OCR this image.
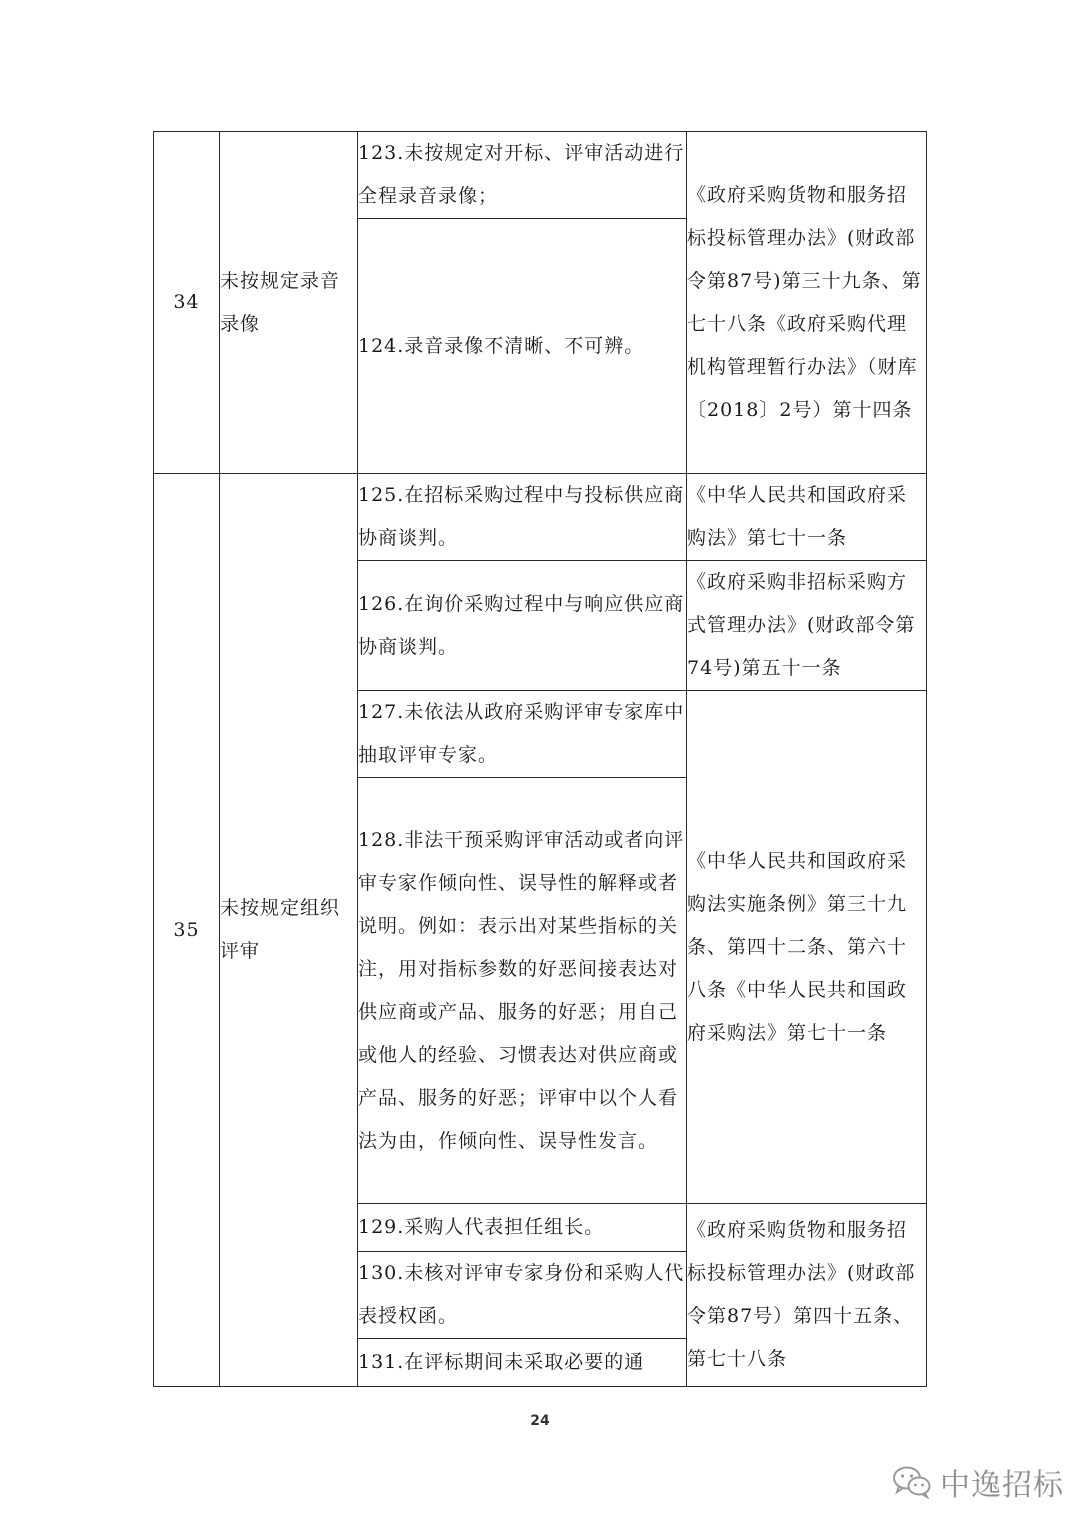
34	未按规定录音录像	123.未按规定对开标、评审活动进行全程录音录像；	《政府采购货物和服务招标投标管理办法》(财政部令第87号)第三十九条、第七十八条《政府采购代理机构管理暂行办法》（财库〔2018〕2号）第十四条
		124.录音录像不清晰、不可辨。	
35	未按规定组织评审	125.在招标采购过程中与投标供应商协商谈判。	《中华人民共和国政府采购法》第七十一条
		126.在询价采购过程中与响应供应商协商谈判。	《政府采购非招标采购方式管理办法》(财政部令第74号)第五十一条
		127.未依法从政府采购评审专家库中抽取评审专家。	《中华人民共和国政府采购法实施条例》第三十九条、第四十二条、第六十八条《中华人民共和国政府采购法》第七十一条
		128.非法干预采购评审活动或者向评审专家作倾向性、误导性的解释或者说明。例如：表示出对某些指标的关注，用对指标参数的好恶间接表达对供应商或产品、服务的好恶；用自己或他人的经验、习惯表达对供应商或产品、服务的好恶；评审中以个人看法为由，作倾向性、误导性发言。	
		129.采购人代表担任组长。	《政府采购货物和服务招标投标管理办法》(财政部令第87号）第四十五条、第七十八条
		130.未核对评审专家身份和采购人代表授权函。	
		131.在评标期间未采取必要的通	
24
中逸招标
